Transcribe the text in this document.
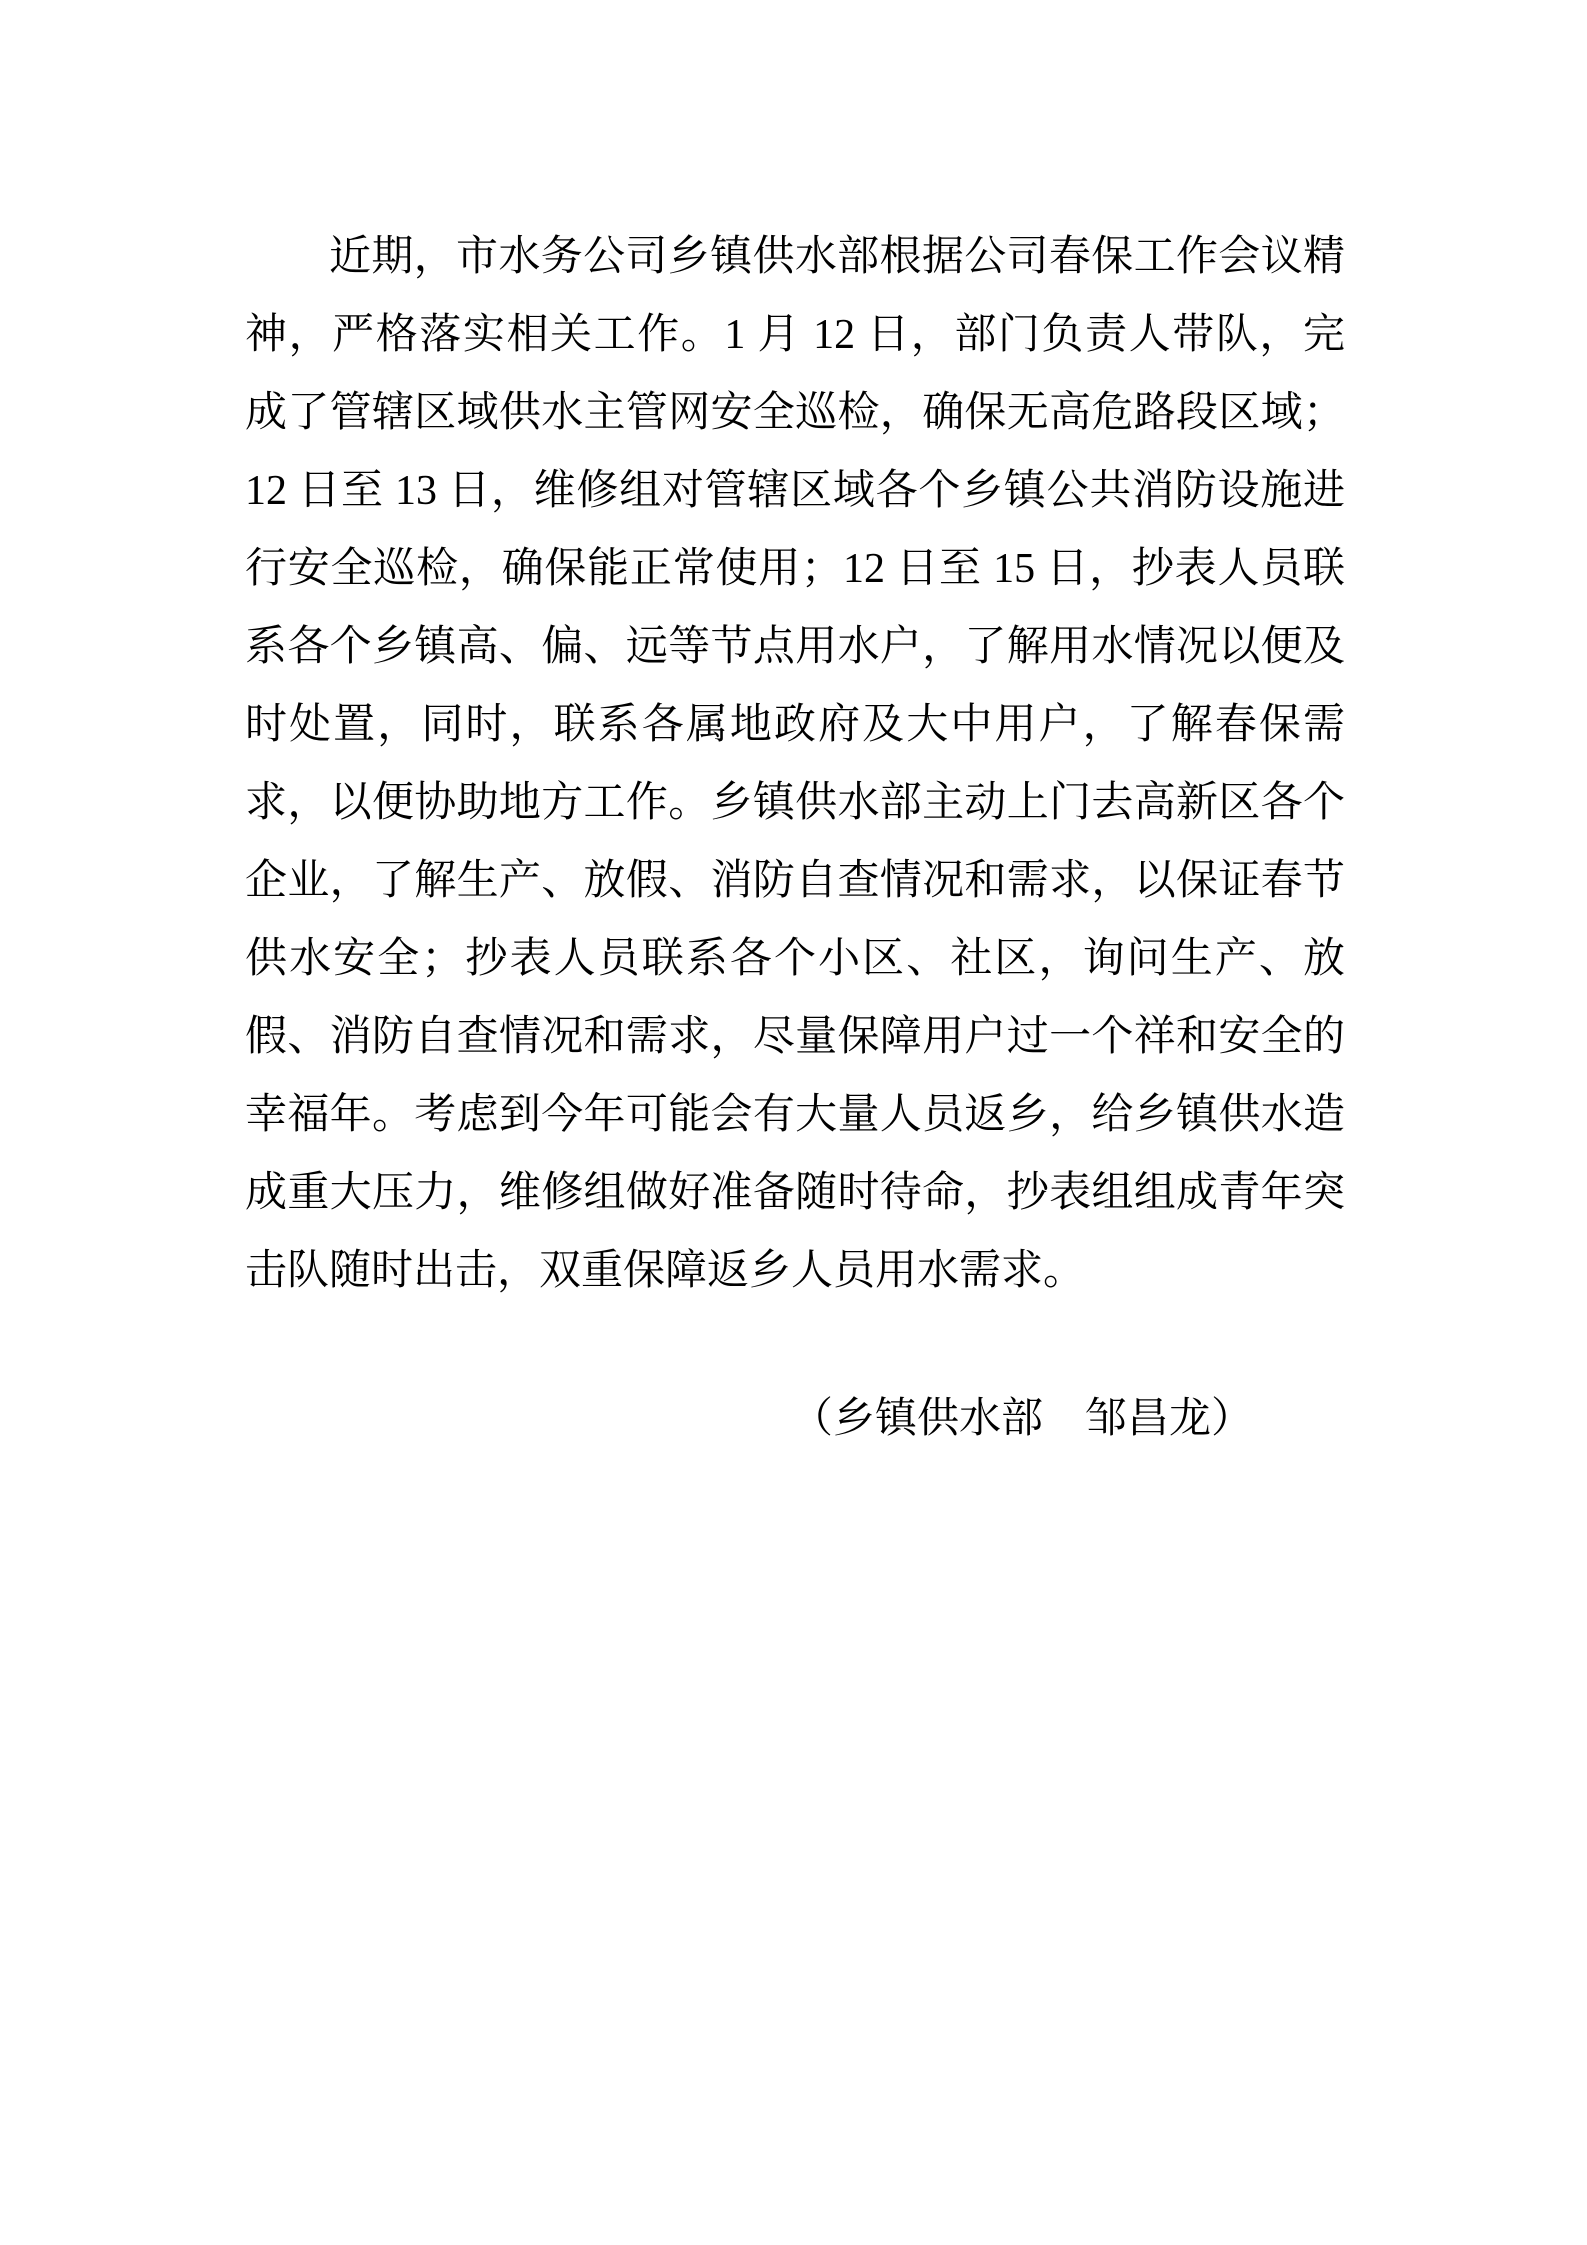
近期，市水务公司乡镇供水部根据公司春保工作会议精神，严格落实相关工作。1 月 12 日，部门负责人带队，完成了管辖区域供水主管网安全巡检，确保无高危路段区域；12 日至 13 日，维修组对管辖区域各个乡镇公共消防设施进行安全巡检，确保能正常使用；12 日至 15 日，抄表人员联系各个乡镇高、偏、远等节点用水户，了解用水情况以便及时处置，同时，联系各属地政府及大中用户，了解春保需求，以便协助地方工作。乡镇供水部主动上门去高新区各个企业，了解生产、放假、消防自查情况和需求，以保证春节供水安全；抄表人员联系各个小区、社区，询问生产、放假、消防自查情况和需求，尽量保障用户过一个祥和安全的幸福年。考虑到今年可能会有大量人员返乡，给乡镇供水造成重大压力，维修组做好准备随时待命，抄表组组成青年突击队随时出击，双重保障返乡人员用水需求。

（乡镇供水部　邹昌龙）
